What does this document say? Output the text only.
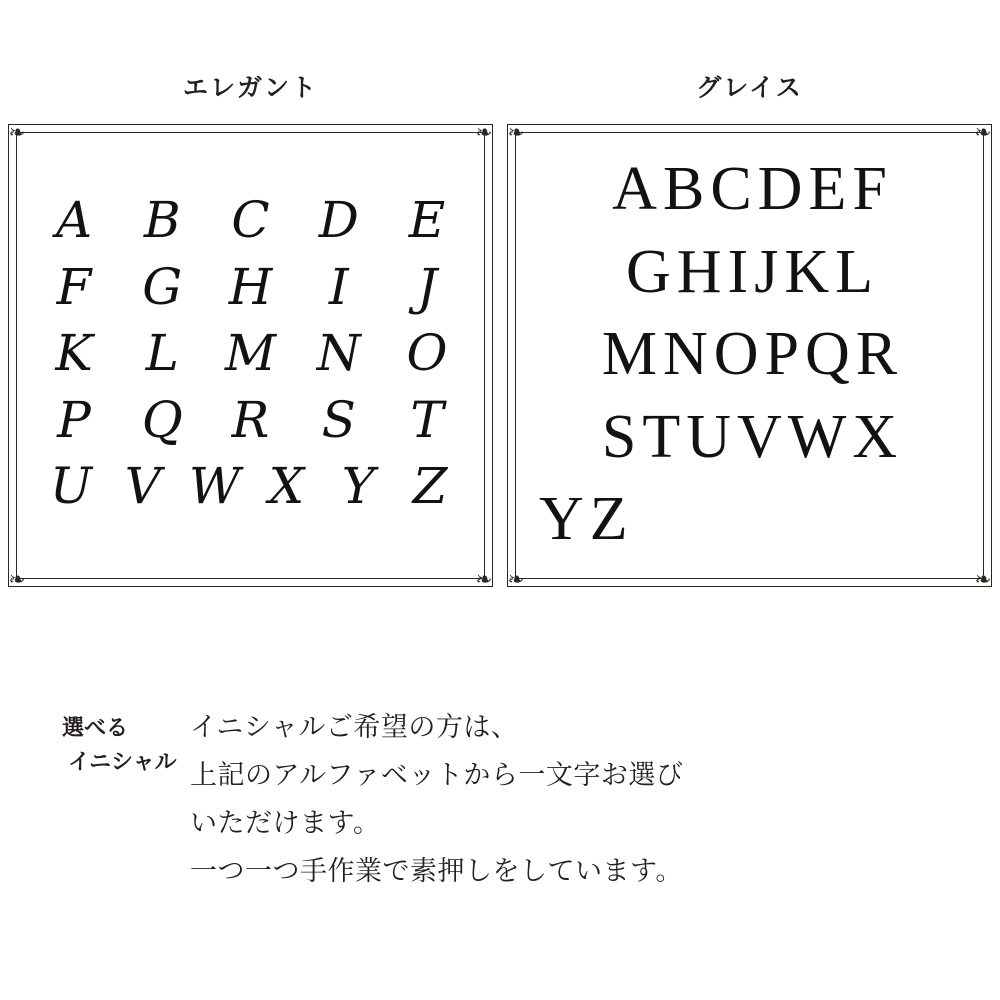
エレガント
❧	❧
❧	❧
A	B	C D E
F	G H	I	J
K	L M N O
P	Q R	S	T
U V W X Y Z
グレイス
❧	❧
❧	❧
A B C D E F
G H I J K L
M N O P Q R
S T U V W X
Y Z
選べる
イニシャル

イニシャルご希望の方は、

上記のアルファベットから一文字お選び

いただけます。

一つ一つ手作業で素押しをしています。
